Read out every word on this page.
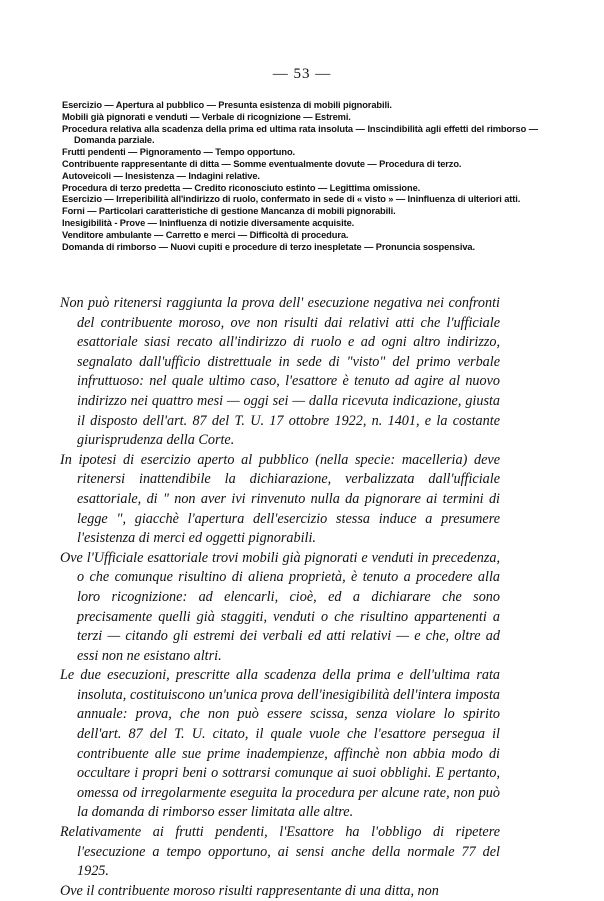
— 53 —
Esercizio — Apertura al pubblico — Presunta esistenza di mobili pignorabili.
Mobili già pignorati e venduti — Verbale di ricognizione — Estremi.
Procedura relativa alla scadenza della prima ed ultima rata insoluta — Inscindibilità agli effetti del rimborso — Domanda parziale.
Frutti pendenti — Pignoramento — Tempo opportuno.
Contribuente rappresentante di ditta — Somme eventualmente dovute — Procedura di terzo.
Autoveicoli — Inesistenza — Indagini relative.
Procedura di terzo predetta — Credito riconosciuto estinto — Legittima omissione.
Esercizio — Irreperibilità all'indirizzo di ruolo, confermato in sede di « visto » — Ininfluenza di ulteriori atti.
Forni — Particolari caratteristiche di gestione Mancanza di mobili pignorabili.
Inesigibilità - Prove — Ininfluenza di notizie diversamente acquisite.
Venditore ambulante — Carretto e merci — Difficoltà di procedura.
Domanda di rimborso — Nuovi cupiti e procedure di terzo inespletate — Pronuncia sospensiva.

Non può ritenersi raggiunta la prova dell' esecuzione negativa nei confronti del contribuente moroso, ove non risulti dai relativi atti che l'ufficiale esattoriale siasi recato all'indirizzo di ruolo e ad ogni altro indirizzo, segnalato dall'ufficio distrettuale in sede di "visto" del primo verbale infruttuoso: nel quale ultimo caso, l'esattore è tenuto ad agire al nuovo indirizzo nei quattro mesi — oggi sei — dalla ricevuta indicazione, giusta il disposto dell'art. 87 del T. U. 17 ottobre 1922, n. 1401, e la costante giurisprudenza della Corte.

In ipotesi di esercizio aperto al pubblico (nella specie: macelleria) deve ritenersi inattendibile la dichiarazione, verbalizzata dall'ufficiale esattoriale, di " non aver ivi rinvenuto nulla da pignorare ai termini di legge ", giacchè l'apertura dell'esercizio stessa induce a presumere l'esistenza di merci ed oggetti pignorabili.

Ove l'Ufficiale esattoriale trovi mobili già pignorati e venduti in precedenza, o che comunque risultino di aliena proprietà, è tenuto a procedere alla loro ricognizione: ad elencarli, cioè, ed a dichiarare che sono precisamente quelli già staggiti, venduti o che risultino appartenenti a terzi — citando gli estremi dei verbali ed atti relativi — e che, oltre ad essi non ne esistano altri.

Le due esecuzioni, prescritte alla scadenza della prima e dell'ultima rata insoluta, costituiscono un'unica prova dell'inesigibilità dell'intera imposta annuale: prova, che non può essere scissa, senza violare lo spirito dell'art. 87 del T. U. citato, il quale vuole che l'esattore persegua il contribuente alle sue prime inadempienze, affinchè non abbia modo di occultare i propri beni o sottrarsi comunque ai suoi obblighi. E pertanto, omessa od irregolarmente eseguita la procedura per alcune rate, non può la domanda di rimborso esser limitata alle altre.

Relativamente ai frutti pendenti, l'Esattore ha l'obbligo di ripetere l'esecuzione a tempo opportuno, ai sensi anche della normale 77 del 1925.

Ove il contribuente moroso risulti rappresentante di una ditta, non
